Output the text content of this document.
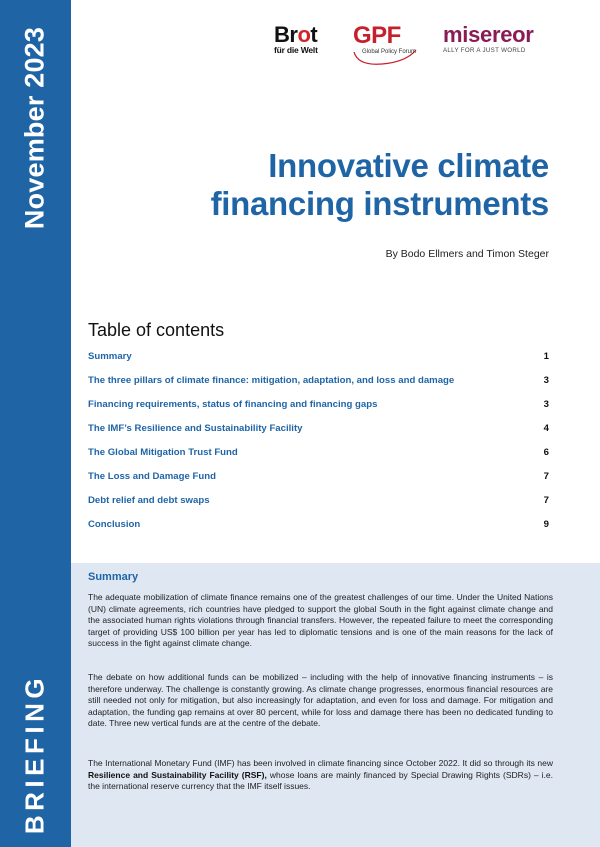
November 2023
BRIEFING
Brot
für die Welt
GPF
Global Policy Forum
misereor
ALLY FOR A JUST WORLD
Innovative climate
financing instruments
By Bodo Ellmers and Timon Steger
Table of contents
Summary	1
The three pillars of climate finance: mitigation, adaptation, and loss and damage	3
Financing requirements, status of financing and financing gaps	3
The IMF’s Resilience and Sustainability Facility	4
The Global Mitigation Trust Fund	6
The Loss and Damage Fund	7
Debt relief and debt swaps	7
Conclusion	9
Summary

The adequate mobilization of climate finance remains one of the greatest challenges of our time. Under the United Nations (UN) climate agreements, rich countries have pledged to support the global South in the fight against climate change and the associated human rights violations through financial transfers. However, the repeated failure to meet the corresponding target of providing US$ 100 billion per year has led to diplomatic tensions and is one of the main reasons for the lack of success in the fight against climate change.

The debate on how additional funds can be mobilized – including with the help of innovative financing instruments – is therefore underway. The challenge is constantly growing. As climate change progresses, enormous financial resources are still needed not only for mitigation, but also increasingly for adaptation, and even for loss and damage. For mitigation and adaptation, the funding gap remains at over 80 percent, while for loss and damage there has been no dedicated funding to date. Three new vertical funds are at the centre of the debate.

The International Monetary Fund (IMF) has been involved in climate financing since October 2022. It did so through its new Resilience and Sustainability Facility (RSF), whose loans are mainly financed by Special Drawing Rights (SDRs) – i.e. the international reserve currency that the IMF itself issues.
